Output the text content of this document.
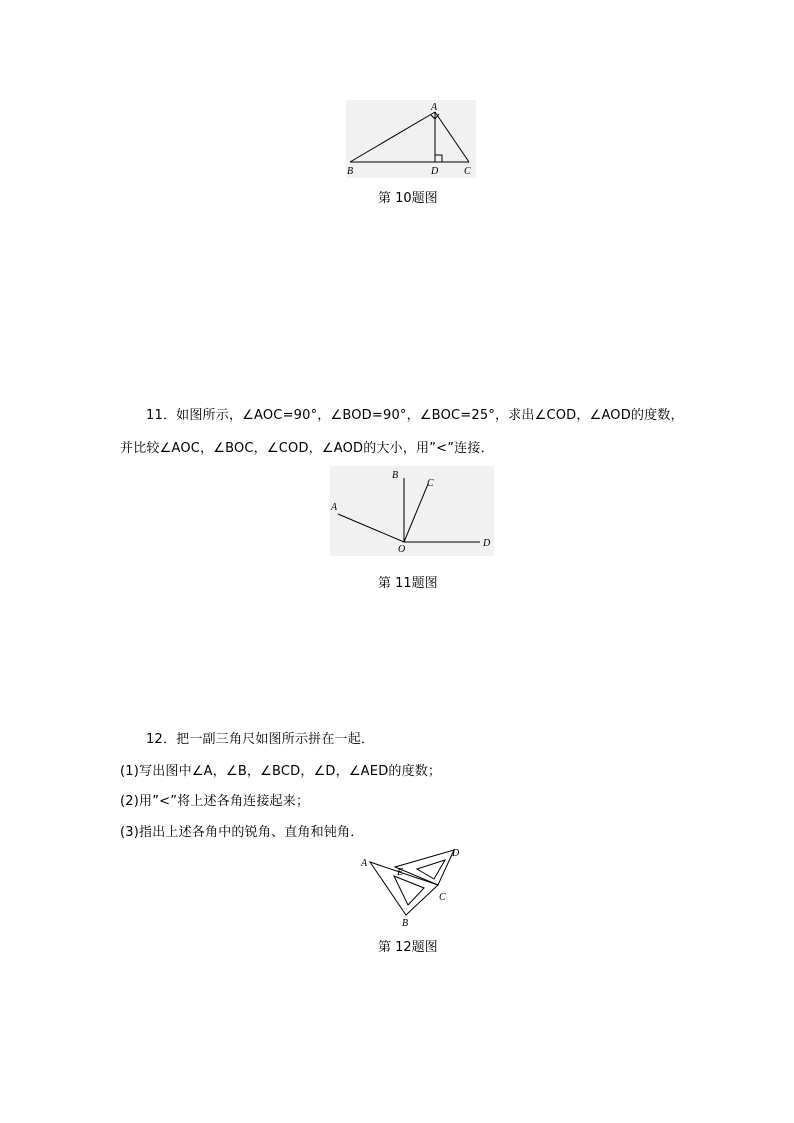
A
B	D	C
第 10题图
11．如图所示，∠AOC=90°，∠BOD=90°，∠BOC=25°，求出∠COD，∠AOD的度数，
并比较∠AOC，∠BOC，∠COD，∠AOD的大小，用”<”连接．
A
B
C
D
O
第 11题图
12．把一副三角尺如图所示拼在一起．
(1)写出图中∠A，∠B，∠BCD，∠D，∠AED的度数；
(2)用”<”将上述各角连接起来；
(3)指出上述各角中的锐角、直角和钝角．
A
E
D
C
B
第 12题图
